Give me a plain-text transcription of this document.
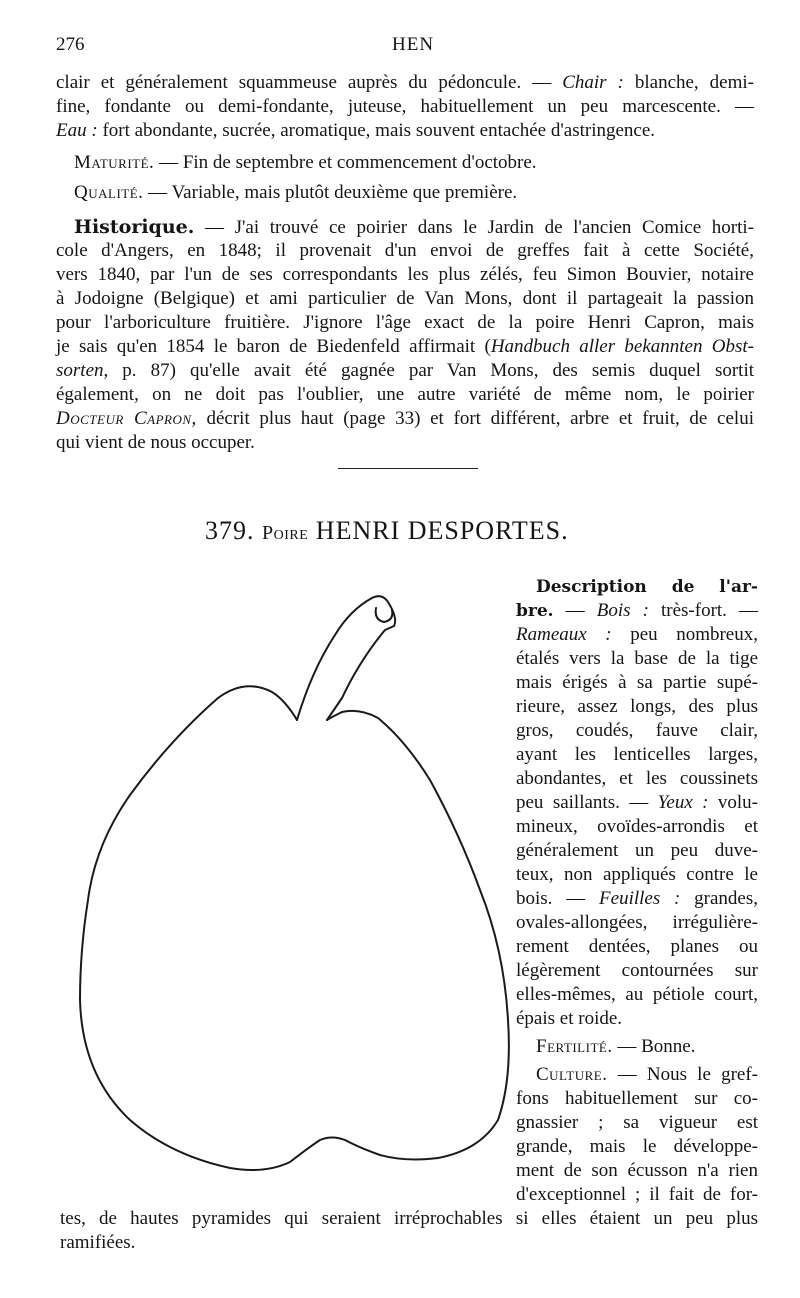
276	HEN
clair et généralement squammeuse auprès du pédoncule. — Chair : blanche, demi-
fine, fondante ou demi-fondante, juteuse, habituellement un peu marcescente. —
Eau : fort abondante, sucrée, aromatique, mais souvent entachée d'astringence.
Maturité. — Fin de septembre et commencement d'octobre.
Qualité. — Variable, mais plutôt deuxième que première.
Historique. — J'ai trouvé ce poirier dans le Jardin de l'ancien Comice horti-
cole d'Angers, en 1848; il provenait d'un envoi de greffes fait à cette Société,
vers 1840, par l'un de ses correspondants les plus zélés, feu Simon Bouvier, notaire
à Jodoigne (Belgique) et ami particulier de Van Mons, dont il partageait la passion
pour l'arboriculture fruitière. J'ignore l'âge exact de la poire Henri Capron, mais
je sais qu'en 1854 le baron de Biedenfeld affirmait (Handbuch aller bekannten Obst-
sorten, p. 87) qu'elle avait été gagnée par Van Mons, des semis duquel sortit
également, on ne doit pas l'oublier, une autre variété de même nom, le poirier
Docteur Capron, décrit plus haut (page 33) et fort différent, arbre et fruit, de celui
qui vient de nous occuper.
379. Poire HENRI DESPORTES.
Description de l'ar-
bre. — Bois : très-fort. —
Rameaux : peu nombreux,
étalés vers la base de la tige
mais érigés à sa partie supé-
rieure, assez longs, des plus
gros, coudés, fauve clair,
ayant les lenticelles larges,
abondantes, et les coussinets
peu saillants. — Yeux : volu-
mineux, ovoïdes-arrondis et
généralement un peu duve-
teux, non appliqués contre le
bois. — Feuilles : grandes,
ovales-allongées, irrégulière-
rement dentées, planes ou
légèrement contournées sur
elles-mêmes, au pétiole court,
épais et roide.
Fertilité. — Bonne.
Culture. — Nous le gref-
fons habituellement sur co-
gnassier ; sa vigueur est
grande, mais le développe-
ment de son écusson n'a rien
d'exceptionnel ; il fait de for-
tes, de hautes pyramides qui seraient irréprochables si elles étaient un peu plus
ramifiées.
